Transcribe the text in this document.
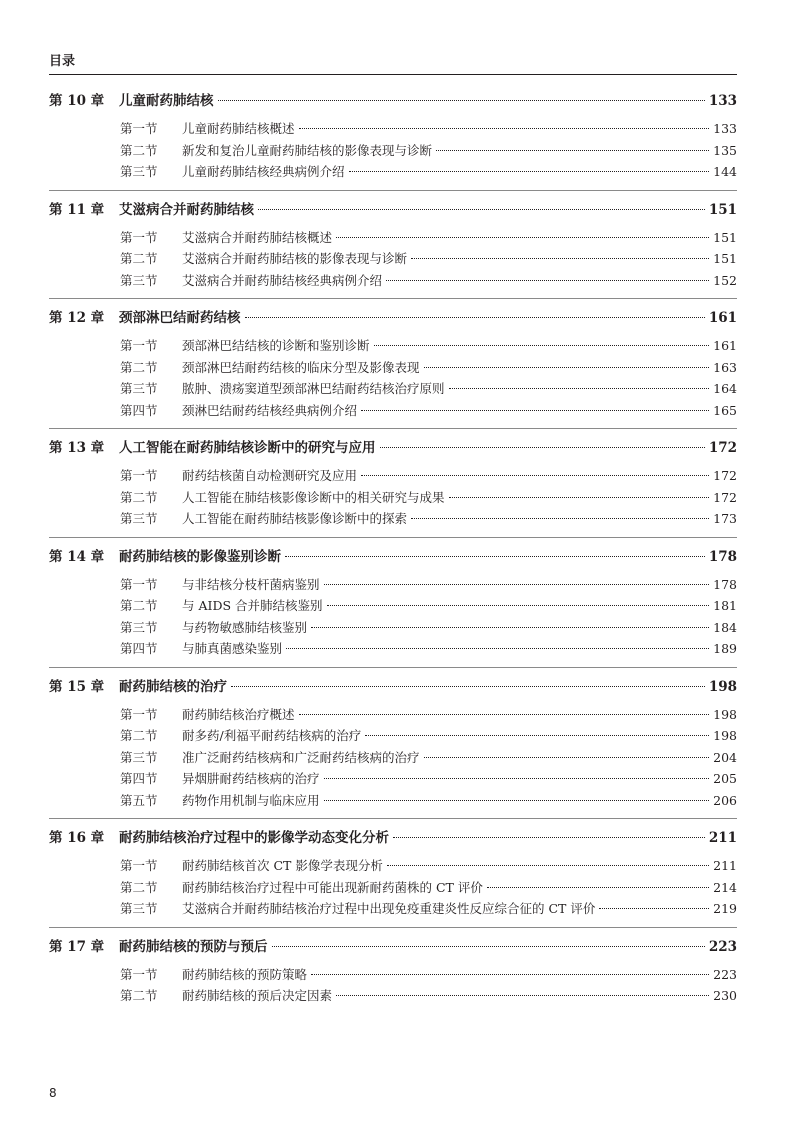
目录
第 10 章	儿童耐药肺结核	133
第一节	儿童耐药肺结核概述	133
第二节	新发和复治儿童耐药肺结核的影像表现与诊断	135
第三节	儿童耐药肺结核经典病例介绍	144
第 11 章	艾滋病合并耐药肺结核	151
第一节	艾滋病合并耐药肺结核概述	151
第二节	艾滋病合并耐药肺结核的影像表现与诊断	151
第三节	艾滋病合并耐药肺结核经典病例介绍	152
第 12 章	颈部淋巴结耐药结核	161
第一节	颈部淋巴结结核的诊断和鉴别诊断	161
第二节	颈部淋巴结耐药结核的临床分型及影像表现	163
第三节	脓肿、溃疡窦道型颈部淋巴结耐药结核治疗原则	164
第四节	颈淋巴结耐药结核经典病例介绍	165
第 13 章	人工智能在耐药肺结核诊断中的研究与应用	172
第一节	耐药结核菌自动检测研究及应用	172
第二节	人工智能在肺结核影像诊断中的相关研究与成果	172
第三节	人工智能在耐药肺结核影像诊断中的探索	173
第 14 章	耐药肺结核的影像鉴别诊断	178
第一节	与非结核分枝杆菌病鉴别	178
第二节	与 AIDS 合并肺结核鉴别	181
第三节	与药物敏感肺结核鉴别	184
第四节	与肺真菌感染鉴别	189
第 15 章	耐药肺结核的治疗	198
第一节	耐药肺结核治疗概述	198
第二节	耐多药/利福平耐药结核病的治疗	198
第三节	准广泛耐药结核病和广泛耐药结核病的治疗	204
第四节	异烟肼耐药结核病的治疗	205
第五节	药物作用机制与临床应用	206
第 16 章	耐药肺结核治疗过程中的影像学动态变化分析	211
第一节	耐药肺结核首次 CT 影像学表现分析	211
第二节	耐药肺结核治疗过程中可能出现新耐药菌株的 CT 评价	214
第三节	艾滋病合并耐药肺结核治疗过程中出现免疫重建炎性反应综合征的 CT 评价	219
第 17 章	耐药肺结核的预防与预后	223
第一节	耐药肺结核的预防策略	223
第二节	耐药肺结核的预后决定因素	230
8
